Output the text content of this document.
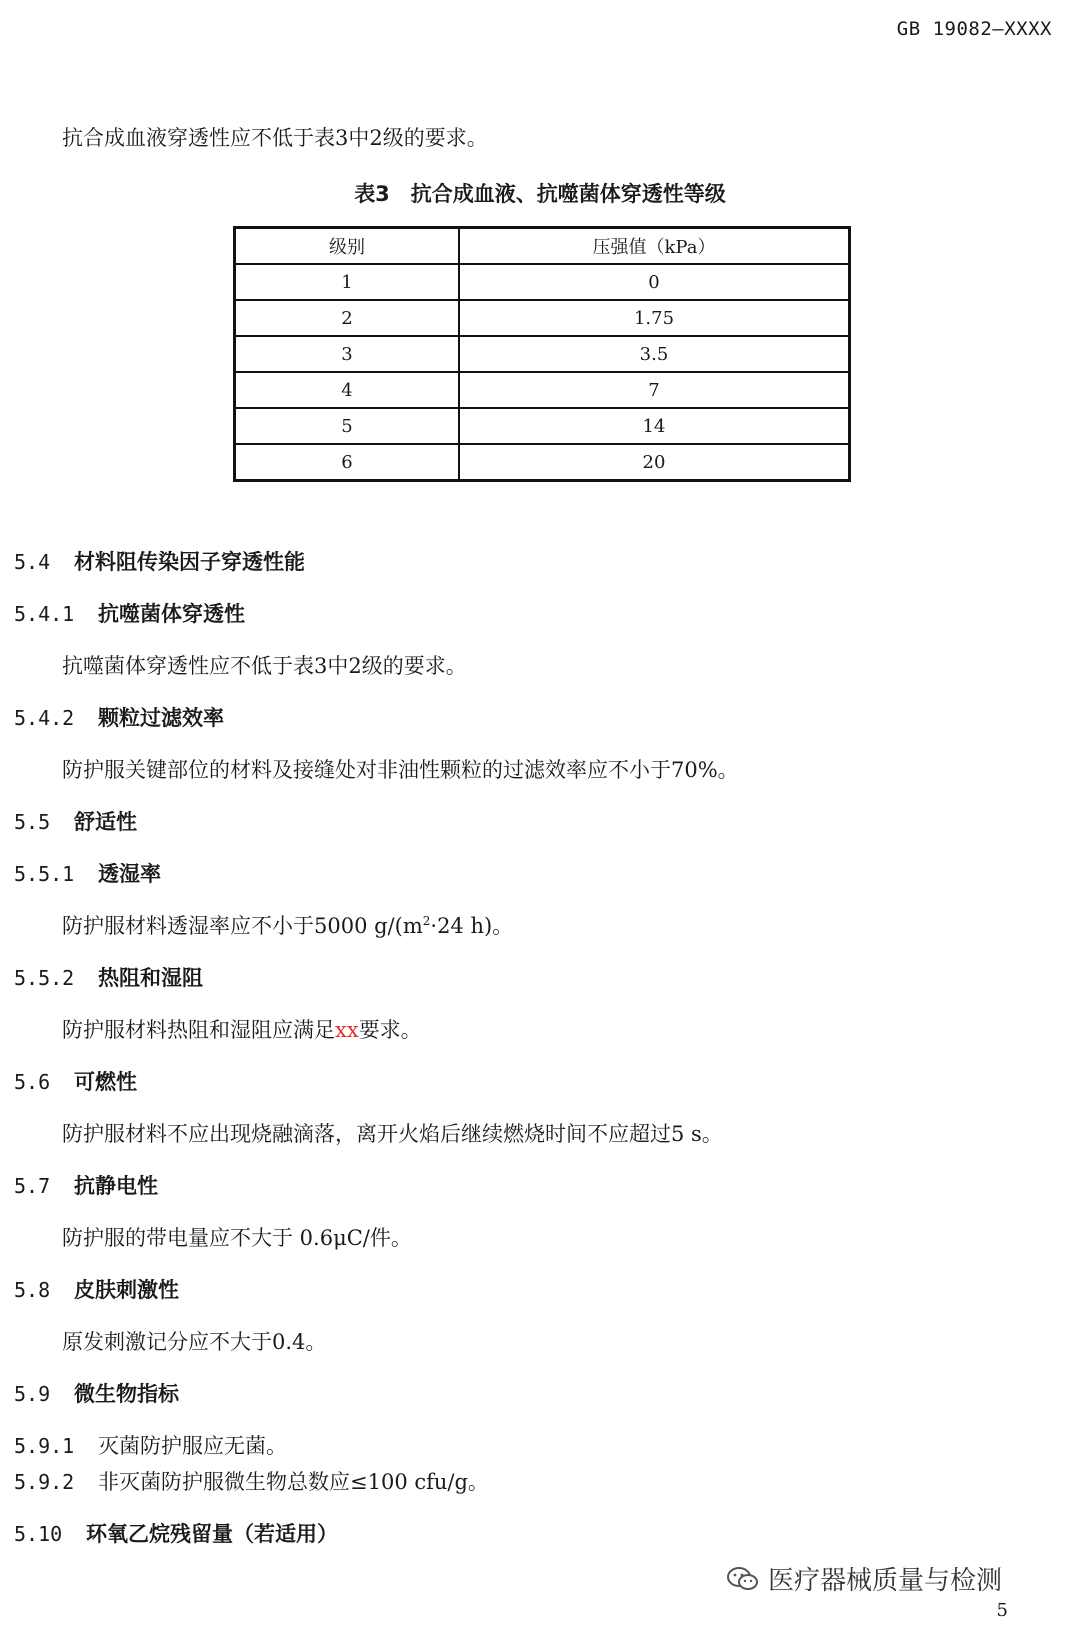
GB 19082—XXXX
抗合成血液穿透性应不低于表3中2级的要求。
表3　抗合成血液、抗噬菌体穿透性等级
级别	压强值（kPa）
1	0
2	1.75
3	3.5
4	7
5	14
6	20
5.4	材料阻传染因子穿透性能
5.4.1	抗噬菌体穿透性
抗噬菌体穿透性应不低于表3中2级的要求。
5.4.2	颗粒过滤效率
防护服关键部位的材料及接缝处对非油性颗粒的过滤效率应不小于70%。
5.5	舒适性
5.5.1	透湿率
防护服材料透湿率应不小于5000 $g/(m^2\cdot 24$ h)。
5.5.2	热阻和湿阻
防护服材料热阻和湿阻应满足xx要求。
5.6	可燃性
防护服材料不应出现烧融滴落，离开火焰后继续燃烧时间不应超过5 s。
5.7	抗静电性
防护服的带电量应不大于 0.6μC/件。
5.8	皮肤刺激性
原发刺激记分应不大于0.4。
5.9	微生物指标
5.9.1	灭菌防护服应无菌。
5.9.2	非灭菌防护服微生物总数应≤100 cfu/g。
5.10	环氧乙烷残留量（若适用）
医疗器械质量与检测
5
